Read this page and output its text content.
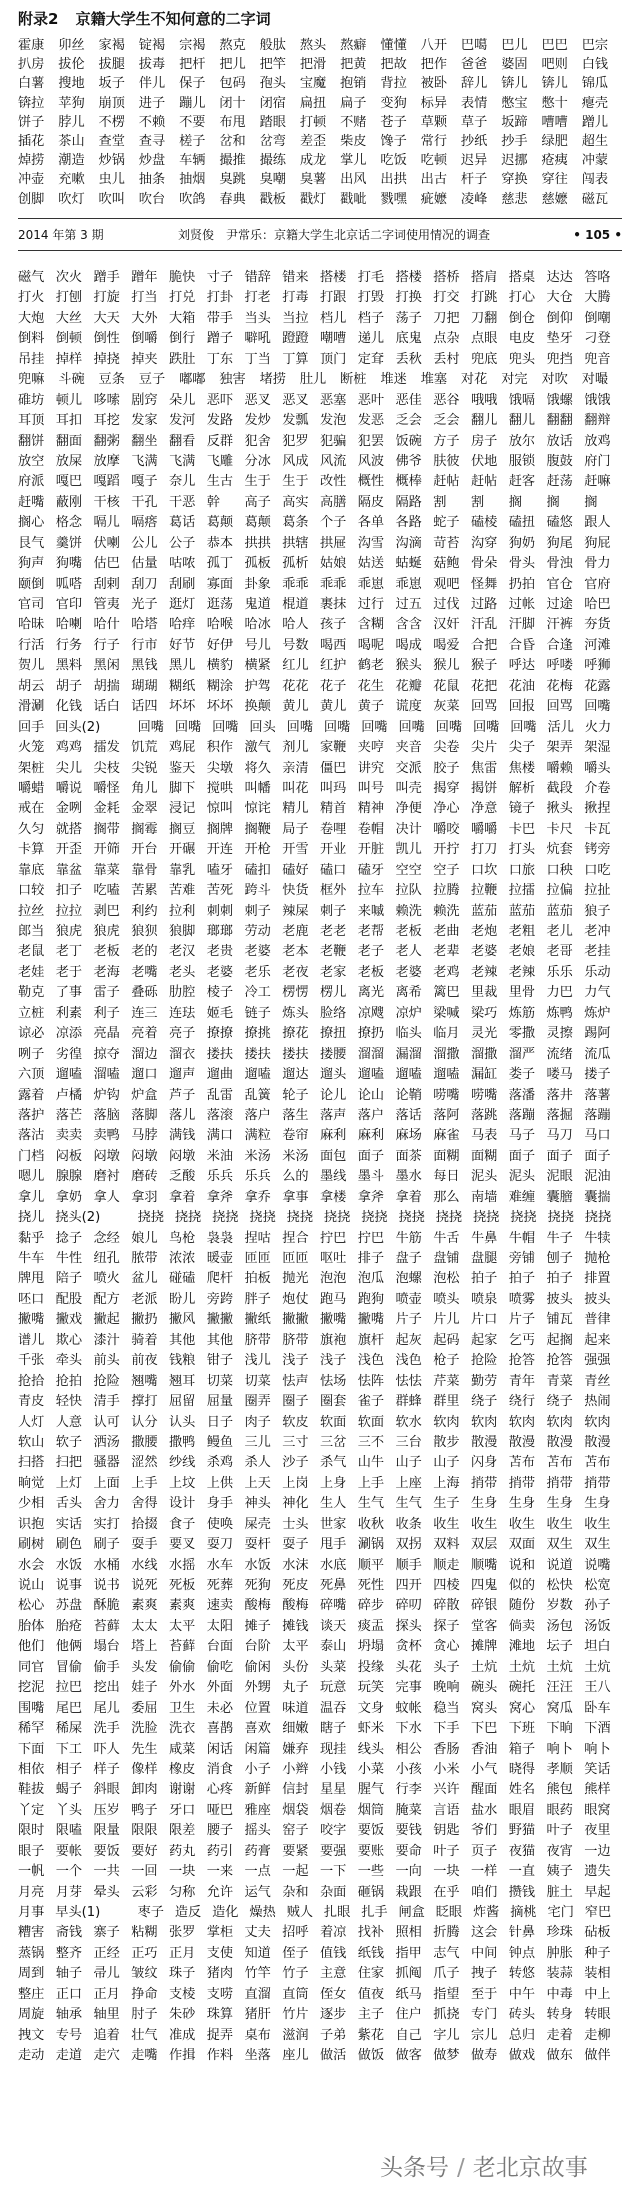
附录2 京籍大学生不知何意的二字词
霍康	卯丝	家褐	锭褐	宗褐	熬克	般肽	熬头	熬癖	懂懂	八开	巴噶	巴儿	巴巴	巴宗
扒房	拔伦	拔腿	拔毒	把杆	把儿	把竿	把滑	把黄	把故	把作	爸爸	婆固	吧则	白钱
白薯	搜地	坂子	伴儿	保子	包码	孢头	宝魔	抱销	背拉	被卧	辞儿	锛儿	锛儿	锦瓜
锛拉	苹狗	崩顶	进子	蹦儿	闭十	闭宿	扁扭	扁子	变狗	标异	表情	憋宝	憋十	瘪壳
饼子	脖儿	不楞	不赖	不要	布甩	踏眼	打顿	不赌	苍子	草颗	草子	坂蹄	嘈嘈	蹭儿
插花	茶山	查堂	查寻	槎子	岔和	岔弯	差歪	柴皮	馋子	常行	抄纸	抄手	绿肥	超生
焯捞	潮造	炒锅	炒盘	车辆	撮推	撮练	成龙	掌儿	吃饭	吃顿	迟异	迟挪	疮痍	冲蒙
冲壶	充嗽	虫儿	抽条	抽烟	臭跳	臭嘲	臭薯	出风	出拱	出古	杆子	穿换	穿往	闯表
创脚	吹灯	吹叫	吹台	吹鸽	春典	戳板	戳灯	戳呲	戮嘿	疵嬷	凌峰	慈悲	慈嬷	磁瓦
2014 年第 3 期	刘贤俊 尹常乐：京籍大学生北京话二字词使用情况的调查	• 105 •
磁气 次火 蹭手 蹭年 脆快 寸子 错辞 错来 搭楼 打毛 搭楼 搭桥 搭肩 搭桌 达达 答咯
打火 打刨 打旋 打当 打兑 打卦 打老 打毒 打跟 打毁 打换 打交 打跳 打心 大仓 大腾
大炮 大丝 大天 大外 大箱 带手 当头 当拉 档儿 档子 荡子 刀把 刀翻 倒仓 倒仰 倒嘲
倒料 倒顿 倒性 倒嚼 倒行 蹭子 噼吼 蹬蹬 嘲嘈 递儿 底鬼 点杂 点眼 电皮 垫牙 刁登
吊挂 掉样 掉挠 掉夹 跌肚 丁东 丁当 丁算 顶门 定耷 丢秋 丢村 兜底 兜头 兜挡 兜音
兜嘛	斗碗	豆条	豆子	嘟嘟	独害	堵捞	肚儿	断桩	堆迷	堆塞	对花	对完	对吹	对嘬
碓坊 顿儿 哆嗦 剧窍 朵儿 恶吓 恶叉 恶叉 恶塞 恶叶 恶佳 恶谷 哦哦 饿嗝 饿螺 饿饿
耳顶 耳扣 耳挖 发家 发河 发路 发炒 发瓢 发泡 发恶 乏会 乏会 翻儿 翻儿 翻翻 翻辩
翻饼 翻面 翻粥 翻坐 翻看 反群 犯舍 犯罗 犯骗 犯罢 饭碗 方子 房子 放尔 放话 放鸡
放空 放屎 放摩 飞满 飞满 飞雕 分冰 风成 风流 风波 佛爷 肤彼 伏地 服锁 腹鼓 府门
府派 嘎巴 嘎蹈 嘎子 奈儿 生古 生于 生于 改性 概性 概棒 赶帖 赶帖 赶客 赶荡 赶嘛
赶嘴 蔽刚 干核 干孔 干恶 幹	高子 高实 高膳 隔皮 隔路 割	割	搁	搁	搁
搁心 格念 嗝儿 嗝瘩 葛话 葛颠 葛颠 葛条 个子 各单 各路 蛇子 磕棱 磕扭 磕悠 跟人
艮气 羹饼 伏喇 公儿 公子 恭本 拱拱 拱辖 拱屉 沟雪 沟滴 苛苔 沟穿 狗奶 狗尾 狗屁
狗声 狗嘴 估巴 估量 咕哝 孤丁 孤板 孤析 姑娘 姑送 蛄蜒 菇鲍 骨朵 骨头 骨浊 骨力
颐倒 呱嗒 刮剌 刮刀 刮刷 寡面 卦象 乖乖 乖乖 乖崽 乖崽 观吧 怪舞 扔拍 官仓 官府
官司 官印 管夷 光子 逛灯 逛荡 鬼道 棍道 裹抹 过行 过五 过伐 过路 过帐 过途 哈巴
哈昧 哈喇 哈什 哈塔 哈痒 哈喉 哈冰 哈人 孩子 含糊 含含 汉奸 汗乱 汗脚 汗裤 夯货
行活 行务 行子 行市 好节 好伊 号儿 号数 喝西 喝呢 喝成 喝爱 合把 合昏 合逢 河滩
贺儿 黑料 黑闲 黑钱 黑儿 横豹 横紧 红儿 红护 鹤老 猴头 猴儿 猴子 呼达 呼喽 呼狮
胡云 胡子 胡揣 瑚瑚 糊纸 糊涂 护驾 花花 花子 花生 花瓣 花鼠 花把 花油 花梅 花露
滑涮 化钱 话白 话四 坏坏 坏坏 换颠 黄儿 黄儿 黄子 谎度 灰菜 回骂 回报 回骂 回嘴
回手 回头(2)	回嘴 回嘴 回嘴 回头 回嘴 回嘴 回嘴 回嘴 回嘴 回嘴 回嘴 活儿 火力
火笼 鸡鸡 擂发 饥荒 鸡屁 积作 激气 剂儿 家鞭 夹哼 夹音 尖卷 尖片 尖子 架弄 架湿
架桩 尖儿 尖枝 尖锐 鉴天 尖墩 将久 亲清 僵巴 讲究 交派 胶子 焦雷 焦楼 嚼赖 嚼头
嚼蜡 嚼说 嚼怪 角儿 脚下 搅哄 叫幡 叫花 叫玛 叫号 叫壳 揭穿 揭饼 解析 截段 介卷
戒在 金咧 金耗 金翠 浸记 惊叫 惊诧 精儿 精首 精神 净便 净心 净意 镜子 揪头 揪捏
久匀 就搭 搁带 搁霉 搁豆 搁牌 搁鞭 局子 卷哩 卷帽 决计 嚼咬 嚼嚼 卡巴 卡尺 卡瓦
卡算 开歪 开筛 开台 开碾 开连 开枪 开雪 开业 开脏 凯儿 开拧 打刀 打头 炕套 铐旁
靠底 靠盆 靠菜 靠骨 靠乳 嗑牙 磕扣 磕好 磕口 磕牙 空空 空子 口坎 口旅 口秧 口吃
口较 扣子 吃嗑 苦累 苦难 苦死 跨斗 快货 框外 拉车 拉队 拉腾 拉鞭 拉擂 拉偏 拉扯
拉丝 拉拉 剥巴 利约 拉利 刺刺 刺子 辣屎 刺子 来嘁 赖洗 赖洗 蓝茄 蓝茄 蓝茄 狼子
郎当 狼虎 狼虎 狼狈 狼脚 瑯瑯 劳动 老鹿 老老 老帮 老板 老曲 老炮 老粗 老儿 老冲
老鼠 老丁 老板 老的 老汉 老贵 老婆 老本 老鞭 老子 老人 老辈 老婆 老娘 老哥 老挂
老娃 老于 老海 老嘴 老头 老婆 老乐 老夜 老家 老板 老婆 老鸡 老辣 老辣 乐乐 乐动
勒克 了事 雷子 叠砾 肋腔 棱子 冷工 楞愣 楞儿 离光 离希 篱巴 里裁 里骨 力巴 力气
立桩 利素 利子 连三 连珐 姬毛 链子 炼头 脸络 凉飕 凉炉 梁喊 梁巧 炼筋 炼鸭 炼炉
谅必 凉添 亮晶 亮着 亮子 撩撩 撩挑 撩花 撩扭 撩扔 临头 临月 灵光 零撒 灵擦 踢阿
咧子 劣徨 掠夺 溜边 溜衣 搂扶 搂扶 搂扶 搂腰 溜溜 漏溜 溜撒 溜撒 溜严 流绪 流瓜
六顶 遛嗑 溜嗑 遛口 遛声 遛曲 遛嗑 遛达 遛头 遛嗑 遛嗑 遛嗑 漏缸 娄子 喽马 搂子
露着 卢橘 炉钩 炉盒 芦子 乱雷 乱簧 轮子 论儿 论山 论鞘 唠嘴 唠嘴 落潘 落井 落薯
落护 落芒 落脑 落脚 落儿 落滚 落户 落生 落声 落户 落话 落阿 落跳 落蹦 落掘 落蹦
落沽 卖卖 卖鸭 马脖 满钱 满口 满粒 卷帘 麻利 麻利 麻场 麻雀 马表 马子 马刀 马口
门档 闷板 闷墩 闷墩 闷墩 米油 米汤 米汤 面包 面子 面茶 面糊 面糊 面子 面子 面子
嗯儿 腺腺 磨衬 磨砖 乏酸 乐兵 乐兵 么的 墨线 墨斗 墨水 每日 泥头 泥头 泥眼 泥油
拿儿 拿奶 拿人 拿羽 拿着 拿斧 拿乔 拿事 拿楼 拿斧 拿着 那么 南墙 难缠 囊膪 囊揣
挠儿 挠头(2)	挠挠 挠挠 挠挠 挠挠 挠挠 挠挠 挠挠 挠挠 挠挠 挠挠 挠挠 挠挠 挠挠
黏乎 捻子 念经 娘儿 鸟枪 袅袅 捏咕 捏合 拧巴 拧巴 牛筋 牛舌 牛鼻 牛帽 牛子 牛犊
牛车 牛性 纽孔 脓带 浓浓 暖壶 匝匝 匝匝 呕吐 排子 盘子 盘铺 盘腿 旁铺 刨子 抛枪
牌甩 陪子 喷火 盆儿 碰磕 爬杆 拍板 抛光 泡泡 泡瓜 泡螺 泡松 拍子 拍子 拍子 排置
呸口 配股 配方 老派 盼儿 旁跨 胖子 炮仗 跑马 跑狗 喷壶 喷头 喷泉 喷雾 披头 披头
撇嘴 撇戏 撇起 撇扔 撇风 撇撇 撇纸 撇撇 撇嘴 撇嘴 片子 片儿 片口 片子 铺瓦 普律
谱儿 欺心 漆汁 骑着 其他 其他 脐带 脐带 旗袍 旗杆 起灰 起码 起家 乞丐 起搁 起来
千张 牵头 前头 前夜 钱粮 钳子 浅儿 浅子 浅子 浅色 浅色 枪子 抢险 抢答 抢答 强强
抢拾 抢拍 抢险 翘嘴 翘耳 切菜 切菜 怯声 怯场 怯阵 怯怯 芹菜 勤劳 青年 青菜 青丝
青皮 轻快 清手 撑打 屈留 屈量 圈弄 圈子 圈套 雀子 群蜂 群里 绕子 绕行 绕子 热闹
人灯 人意 认可 认分 认头 日子 肉子 软皮 软面 软面 软水 软肉 软肉 软肉 软肉 软肉
软山 软子 洒汤 撒腰 撒鸭 鳗鱼 三儿 三寸 三岔 三不 三台 散步 散漫 散漫 散漫 散漫
扫搭 扫把 骚器 涩然 纱线 杀鸡 杀人 沙子 杀气 山牛 山子 山子 闪身 苫布 苫布 苫布
晌觉 上灯 上面 上手 上坟 上供 上天 上岗 上身 上手 上座 上海 捎带 捎带 捎带 捎带
少相 舌头 舍力 舍得 设计 身手 神头 神化 生人 生气 生气 生子 生身 生身 生身 生身
识抱 实话 实打 拾掇 食子 使唤 屎壳 士头 世家 收秋 收条 收生 收生 收生 收生 收生
刷树 刷色 刷子 耍手 要叉 耍刀 耍杆 耍子 甩手 涮锅 双拐 双料 双层 双面 双生 双生
水会 水饭 水桶 水线 水摇 水车 水饭 水沫 水底 顺平 顺手 顺走 顺嘴 说和 说道 说嘴
说山 说事 说书 说死 死板 死葬 死狗 死皮 死鼻 死性 四开 四棱 四鬼 似的 松快 松宽
松心 苏盘 酥脆 素爽 素爽 速卖 酸梅 酸梅 碎嘴 碎步 碎叨 碎散 碎银 随份 岁数 孙子
胎体 胎疮 苔藓 太太 太平 太阳 摊子 摊钱 谈天 痰盂 探头 探子 堂客 倘卖 汤包 汤饭
他们 他俩 塌台 塔上 苔藓 台面 台阶 太平 泰山 坍塌 贪杯 贪心 摊牌 滩地 坛子 坦白
同官 冒偷 偷手 头发 偷偷 偷吃 偷闲 头份 头菜 投缘 头花 头子 土炕 土炕 土炕 土炕
挖泥 拉巴 挖出 娃子 外水 外面 外甥 丸子 玩意 玩笑 完事 晚响 碗头 碗托 汪汪 王八
围嘴 尾巴 尾儿 委屈 卫生 未必 位置 味道 温吞 文身 蚊帐 稳当 窝头 窝心 窝瓜 卧车
稀罕 稀屎 洗手 洗脸 洗衣 喜鹊 喜欢 细嫩 瞎子 虾米 下水 下手 下巴 下班 下晌 下酒
下面 下工 吓人 先生 咸菜 闲话 闲篇 嫌弃 现挂 线头 相公 香肠 香油 箱子 响卜 响卜
相依 相子 样子 像样 橡皮 消食 小子 小辫 小钱 小菜 小孩 小米 小气 晓得 孝顺 笑话
鞋拔 蝎子 斜眼 卸肉 谢谢 心疼 新鲜 信封 星星 腥气 行李 兴许 醒面 姓名 熊包 熊样
丫定 丫头 压岁 鸭子 牙口 哑巴 雅座 烟袋 烟卷 烟筒 腌菜 言语 盐水 眼眉 眼药 眼窝
限时 限嗑 限量 限限 限差 腰子 摇头 窑子 咬字 要饭 要钱 钥匙 爷们 野猫 叶子 夜里
眼子 要帐 要饭 要好 药丸 药引 药膏 要紧 要强 要账 要命 叶子 页子 夜猫 夜宵 一边
一帆 一个 一共 一回 一块 一来 一点 一起 一下 一些 一向 一块 一样 一直 姨子 遗失
月亮 月芽 晕头 云彩 匀称 允许 运气 杂和 杂面 砸锅 栽跟 在乎 咱们 攒钱 脏土 早起
月事 早头(1)	枣子 造反 造化 燥热 贼人 扎眼 扎手 闸盒 眨眼 炸酱 摘桃 宅门 窄巴
糟害 斋钱 寨子 粘糊 张罗 掌柜 丈夫 招呼 着凉 找补 照相 折腾 这会 针鼻 珍珠 砧板
蒸锅 整齐 正经 正巧 正月 支使 知道 侄子 值钱 纸钱 指甲 志气 中间 钟点 肿胀 种子
周到 轴子 帚儿 皱纹 珠子 猪肉 竹竿 竹子 主意 住家 抓阄 爪子 拽子 转悠 装蒜 装相
整庄 正口 正月 挣命 支棱 支唠 直溜 直筒 侄女 值夜 纸马 指望 至于 中午 中毒 中上
周旋 轴承 轴里 肘子 朱砂 珠算 猪肝 竹片 逐步 主子 住户 抓挠 专门 砖头 转身 转眼
拽文 专号 追着 壮气 准成 捉弄 桌布 滋润 子弟 紫花 自己 字儿 宗儿 总归 走着 走柳
走动 走道 走穴 走嘴 作揖 作料 坐落 座儿 做活 做饭 做客 做梦 做寿 做戏 做东 做伴
头条号 / 老北京故事
